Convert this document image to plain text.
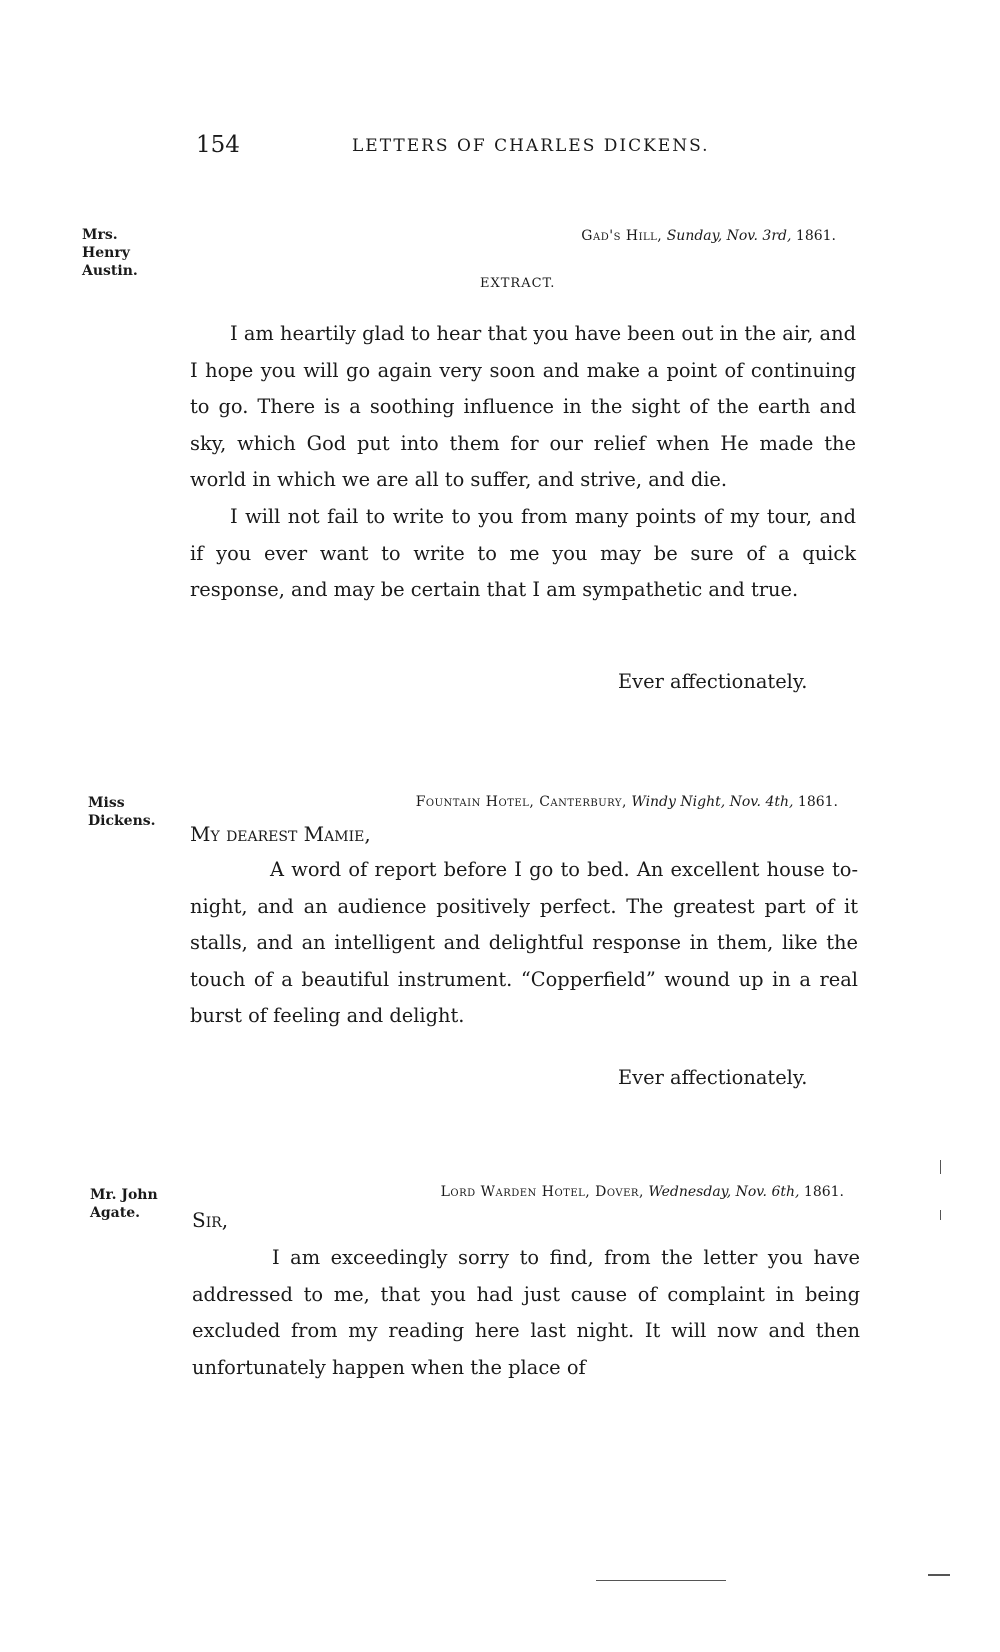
154	LETTERS OF CHARLES DICKENS.
Mrs.
Henry
Austin.
Gad's Hill, Sunday, Nov. 3rd, 1861.
EXTRACT.

I am heartily glad to hear that you have been out in the air, and I hope you will go again very soon and make a point of continuing to go. There is a soothing influence in the sight of the earth and sky, which God put into them for our relief when He made the world in which we are all to suffer, and strive, and die.

I will not fail to write to you from many points of my tour, and if you ever want to write to me you may be sure of a quick response, and may be certain that I am sympathetic and true.

Ever affectionately.
Miss
Dickens.
Fountain Hotel, Canterbury, Windy Night, Nov. 4th, 1861.
My dearest Mamie,

A word of report before I go to bed. An excellent house to-night, and an audience positively perfect. The greatest part of it stalls, and an intelligent and delightful response in them, like the touch of a beautiful instrument. “Copperfield” wound up in a real burst of feeling and delight.

Ever affectionately.
Mr. John
Agate.
Lord Warden Hotel, Dover, Wednesday, Nov. 6th, 1861.
Sir,

I am exceedingly sorry to find, from the letter you have addressed to me, that you had just cause of complaint in being excluded from my reading here last night. It will now and then unfortunately happen when the place of
